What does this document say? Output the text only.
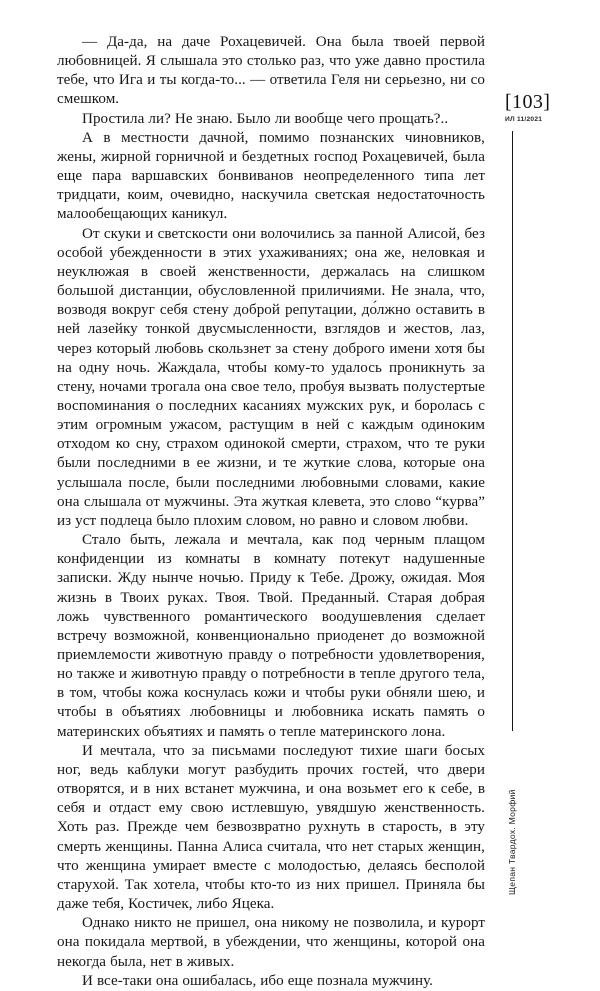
— Да-да, на даче Рохацевичей. Она была твоей первой любовницей. Я слышала это столько раз, что уже давно простила тебе, что Ига и ты когда-то... — ответила Геля ни серьезно, ни со смешком.

Простила ли? Не знаю. Было ли вообще чего прощать?..

А в местности дачной, помимо познанских чиновников, жены, жирной горничной и бездетных господ Рохацевичей, была еще пара варшавских бонвиванов неопределенного типа лет тридцати, коим, очевидно, наскучила светская недостаточность малообещающих каникул.

От скуки и светскости они волочились за панной Алисой, без особой убежденности в этих ухаживаниях; она же, неловкая и неуклюжая в своей женственности, держалась на слишком большой дистанции, обусловленной приличиями. Не знала, что, возводя вокруг себя стену доброй репутации, до́лжно оставить в ней лазейку тонкой двусмысленности, взглядов и жестов, лаз, через который любовь скользнет за стену доброго имени хотя бы на одну ночь. Жаждала, чтобы кому-то удалось проникнуть за стену, ночами трогала она свое тело, пробуя вызвать полустертые воспоминания о последних касаниях мужских рук, и боролась с этим огромным ужасом, растущим в ней с каждым одиноким отходом ко сну, страхом одинокой смерти, страхом, что те руки были последними в ее жизни, и те жуткие слова, которые она услышала после, были последними любовными словами, какие она слышала от мужчины. Эта жуткая клевета, это слово “курва” из уст подлеца было плохим словом, но равно и словом любви.

Стало быть, лежала и мечтала, как под черным плащом конфиденции из комнаты в комнату потекут надушенные записки. Жду нынче ночью. Приду к Тебе. Дрожу, ожидая. Моя жизнь в Твоих руках. Твоя. Твой. Преданный. Старая добрая ложь чувственного романтического воодушевления сделает встречу возможной, конвенционально приоденет до возможной приемлемости животную правду о потребности удовлетворения, но также и животную правду о потребности в тепле другого тела, в том, чтобы кожа коснулась кожи и чтобы руки обняли шею, и чтобы в объятиях любовницы и любовника искать память о материнских объятиях и память о тепле материнского лона.

И мечтала, что за письмами последуют тихие шаги босых ног, ведь каблуки могут разбудить прочих гостей, что двери отворятся, и в них встанет мужчина, и она возьмет его к себе, в себя и отдаст ему свою истлевшую, увядшую женственность. Хоть раз. Прежде чем безвозвратно рухнуть в старость, в эту смерть женщины. Панна Алиса считала, что нет старых женщин, что женщина умирает вместе с молодостью, делаясь бесполой старухой. Так хотела, чтобы кто-то из них пришел. Приняла бы даже тебя, Костичек, либо Яцека.

Однако никто не пришел, она никому не позволила, и курорт она покидала мертвой, в убеждении, что женщины, которой она некогда была, нет в живых.

И все-таки она ошибалась, ибо еще познала мужчину.

[103]
ИЛ 11/2021
Щепан Твардох. Морфий
